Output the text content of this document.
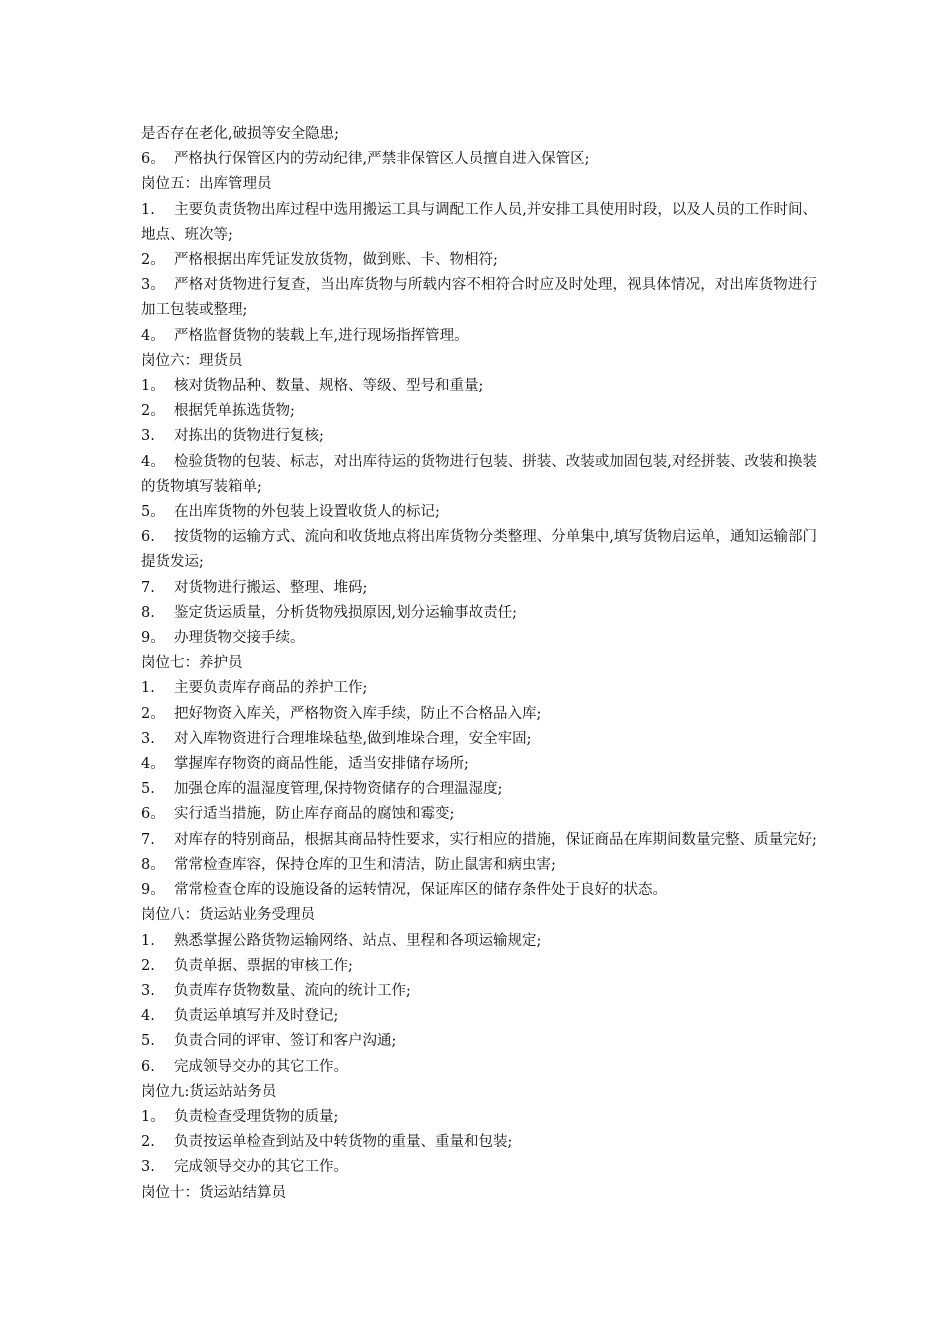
是否存在老化,破损等安全隐患;
6。 严格执行保管区内的劳动纪律,严禁非保管区人员擅自进入保管区;
岗位五：出库管理员
1. 主要负责货物出库过程中选用搬运工具与调配工作人员,并安排工具使用时段，以及人员的工作时间、地点、班次等;
2。 严格根据出库凭证发放货物，做到账、卡、物相符;
3。 严格对货物进行复查，当出库货物与所载内容不相符合时应及时处理，视具体情况，对出库货物进行加工包装或整理;
4。 严格监督货物的装载上车,进行现场指挥管理。
岗位六：理货员
1。 核对货物品种、数量、规格、等级、型号和重量;
2。 根据凭单拣选货物;
3. 对拣出的货物进行复核;
4。 检验货物的包装、标志，对出库待运的货物进行包装、拼装、改装或加固包装,对经拼装、改装和换装的货物填写装箱单;
5。 在出库货物的外包装上设置收货人的标记;
6. 按货物的运输方式、流向和收货地点将出库货物分类整理、分单集中,填写货物启运单，通知运输部门提货发运;
7. 对货物进行搬运、整理、堆码;
8. 鉴定货运质量，分析货物残损原因,划分运输事故责任;
9。 办理货物交接手续。
岗位七：养护员
1. 主要负责库存商品的养护工作;
2。 把好物资入库关，严格物资入库手续，防止不合格品入库;
3. 对入库物资进行合理堆垛毡垫,做到堆垛合理，安全牢固;
4。 掌握库存物资的商品性能，适当安排储存场所;
5. 加强仓库的温湿度管理,保持物资储存的合理温湿度;
6。 实行适当措施，防止库存商品的腐蚀和霉变;
7. 对库存的特别商品，根据其商品特性要求，实行相应的措施，保证商品在库期间数量完整、质量完好;
8。 常常检查库容，保持仓库的卫生和清洁，防止鼠害和病虫害;
9。 常常检查仓库的设施设备的运转情况，保证库区的储存条件处于良好的状态。
岗位八：货运站业务受理员
1. 熟悉掌握公路货物运输网络、站点、里程和各项运输规定;
2. 负责单据、票据的审核工作;
3. 负责库存货物数量、流向的统计工作;
4. 负责运单填写并及时登记;
5. 负责合同的评审、签订和客户沟通;
6. 完成领导交办的其它工作。
岗位九:货运站站务员
1。 负责检查受理货物的质量;
2. 负责按运单检查到站及中转货物的重量、重量和包装;
3. 完成领导交办的其它工作。
岗位十：货运站结算员
